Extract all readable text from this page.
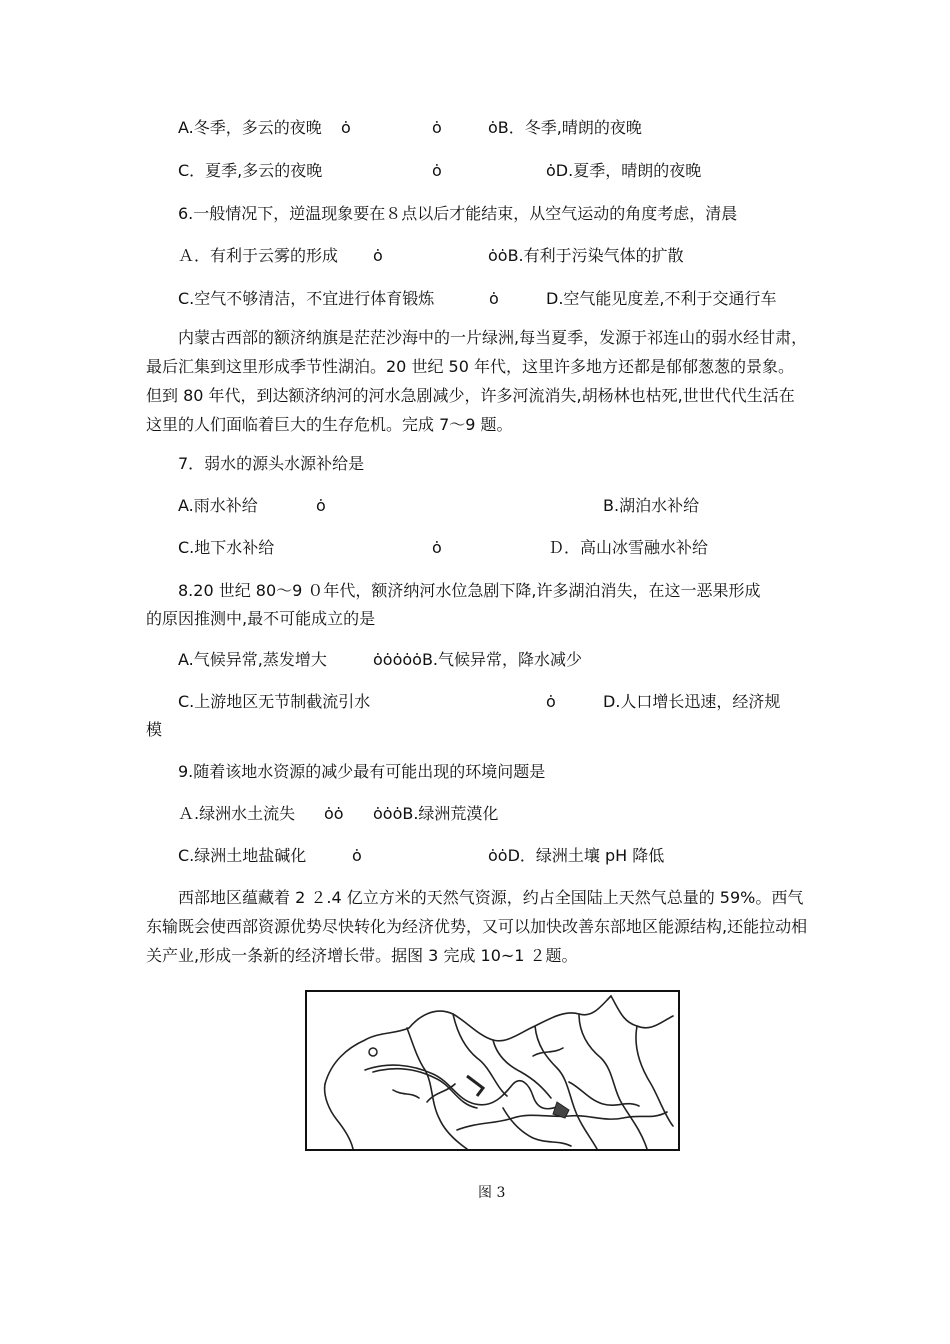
A.冬季，多云的夜晚 ȯ	ȯ	ȯB．冬季,晴朗的夜晚
C．夏季,多云的夜晚	ȯ	ȯD.夏季，晴朗的夜晚
6.一般情况下，逆温现象要在８点以后才能结束，从空气运动的角度考虑，清晨
Ａ．有利于云雾的形成 ȯ	ȯȯB.有利于污染气体的扩散
C.空气不够清洁，不宜进行体育锻炼	ȯ	D.空气能见度差,不利于交通行车
内蒙古西部的额济纳旗是茫茫沙海中的一片绿洲,每当夏季，发源于祁连山的弱水经甘肃，最后汇集到这里形成季节性湖泊。20 世纪 50 年代，这里许多地方还都是郁郁葱葱的景象。但到 80 年代，到达额济纳河的河水急剧减少，许多河流消失,胡杨林也枯死,世世代代生活在这里的人们面临着巨大的生存危机。完成 7～9 题。
7．弱水的源头水源补给是
A.雨水补给	ȯ	B.湖泊水补给
C.地下水补给	ȯ	Ｄ．高山冰雪融水补给
8.20 世纪 80～9 ０年代，额济纳河水位急剧下降,许多湖泊消失，在这一恶果形成
的原因推测中,最不可能成立的是
A.气候异常,蒸发增大	ȯȯȯȯȯB.气候异常，降水减少
C.上游地区无节制截流引水	ȯ	D.人口增长迅速，经济规
模
9.随着该地水资源的减少最有可能出现的环境问题是
Ａ.绿洲水土流失 ȯȯ ȯȯȯB.绿洲荒漠化
C.绿洲土地盐碱化	ȯ	ȯȯD．绿洲土壤 pH 降低
西部地区蕴藏着 2 ２.4 亿立方米的天然气资源，约占全国陆上天然气总量的 59%。西气东输既会使西部资源优势尽快转化为经济优势，又可以加快改善东部地区能源结构,还能拉动相关产业,形成一条新的经济增长带。据图 3 完成 10~1 ２题。
图 3
